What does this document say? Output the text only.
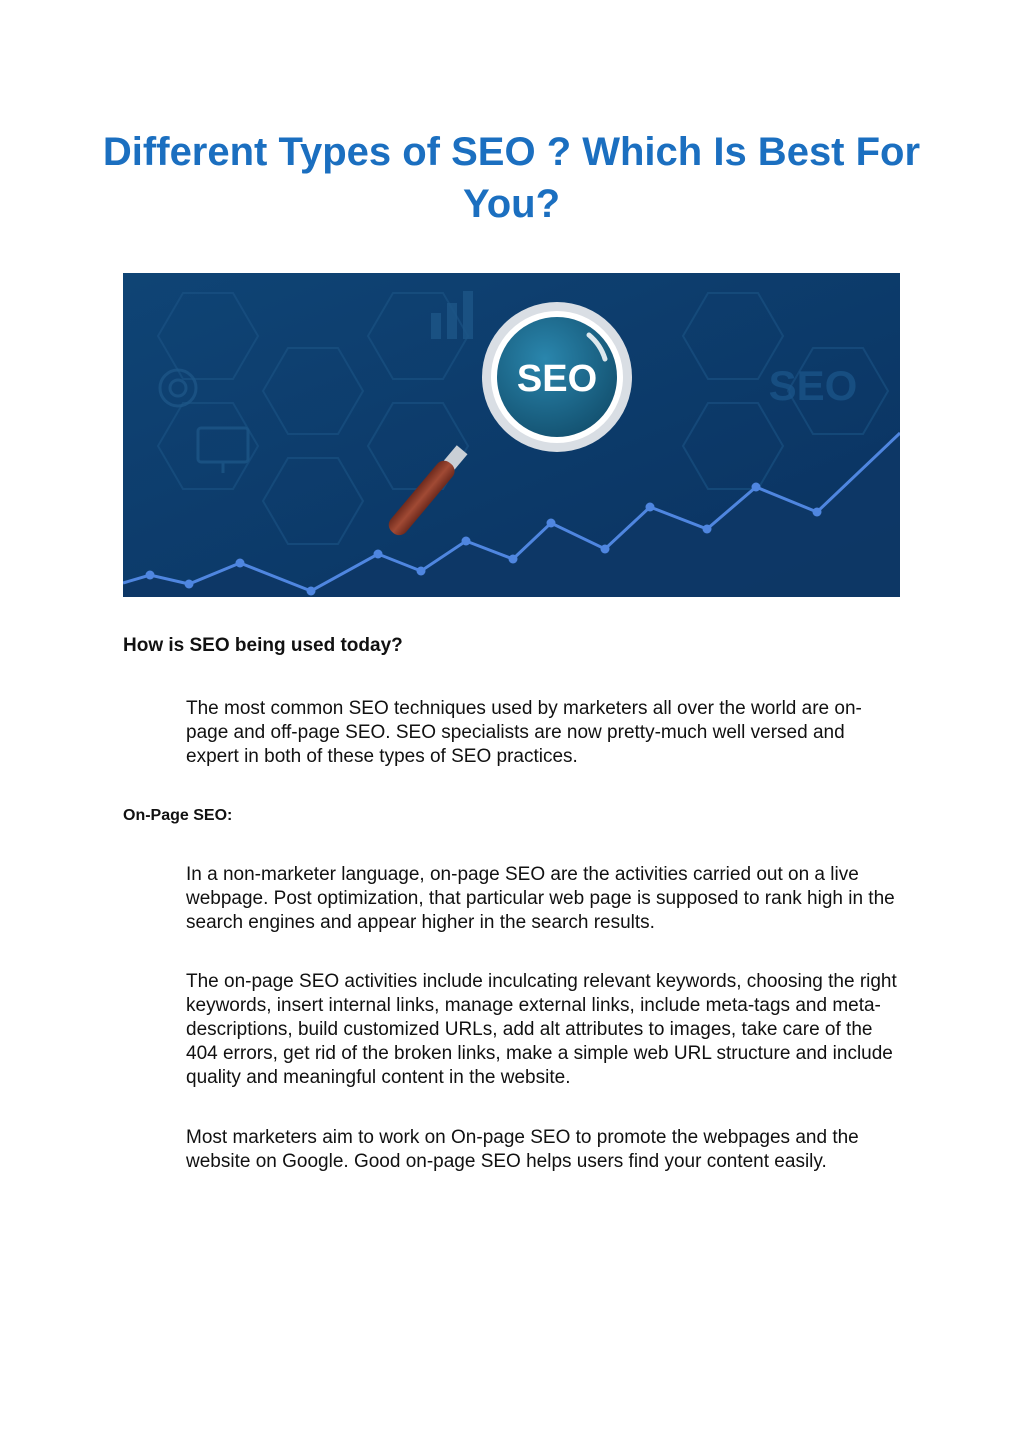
Different Types of SEO ? Which Is Best For You?
SEO
SEO
How is SEO being used today?

The most common SEO techniques used by marketers all over the world are on-page and off-page SEO. SEO specialists are now pretty-much well versed and expert in both of these types of SEO practices.

On-Page SEO:

In a non-marketer language, on-page SEO are the activities carried out on a live webpage. Post optimization, that particular web page is supposed to rank high in the search engines and appear higher in the search results.

The on-page SEO activities include inculcating relevant keywords, choosing the right keywords, insert internal links, manage external links, include meta-tags and meta-descriptions, build customized URLs, add alt attributes to images, take care of the 404 errors, get rid of the broken links, make a simple web URL structure and include quality and meaningful content in the website.

Most marketers aim to work on On-page SEO to promote the webpages and the website on Google. Good on-page SEO helps users find your content easily.
